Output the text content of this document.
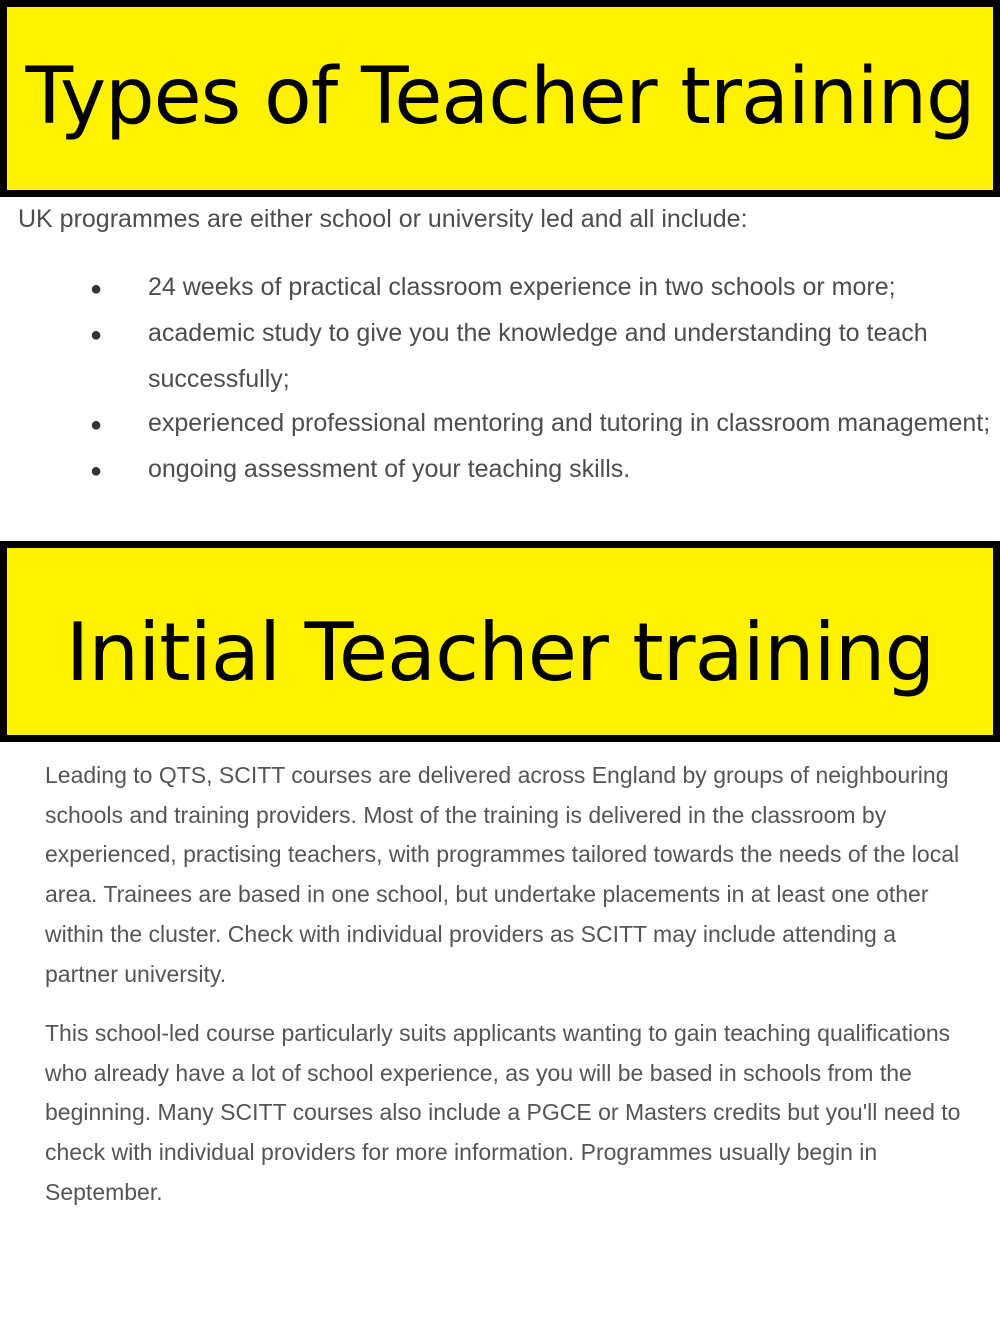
Types of Teacher training
UK programmes are either school or university led and all include:
● 24 weeks of practical classroom experience in two schools or more;
● academic study to give you the knowledge and understanding to teach successfully;
● experienced professional mentoring and tutoring in classroom management;
● ongoing assessment of your teaching skills.
Initial Teacher training

Leading to QTS, SCITT courses are delivered across England by groups of neighbouring schools and training providers. Most of the training is delivered in the classroom by experienced, practising teachers, with programmes tailored towards the needs of the local area. Trainees are based in one school, but undertake placements in at least one other within the cluster. Check with individual providers as SCITT may include attending a partner university.

This school-led course particularly suits applicants wanting to gain teaching qualifications who already have a lot of school experience, as you will be based in schools from the beginning. Many SCITT courses also include a PGCE or Masters credits but you'll need to check with individual providers for more information. Programmes usually begin in September.
